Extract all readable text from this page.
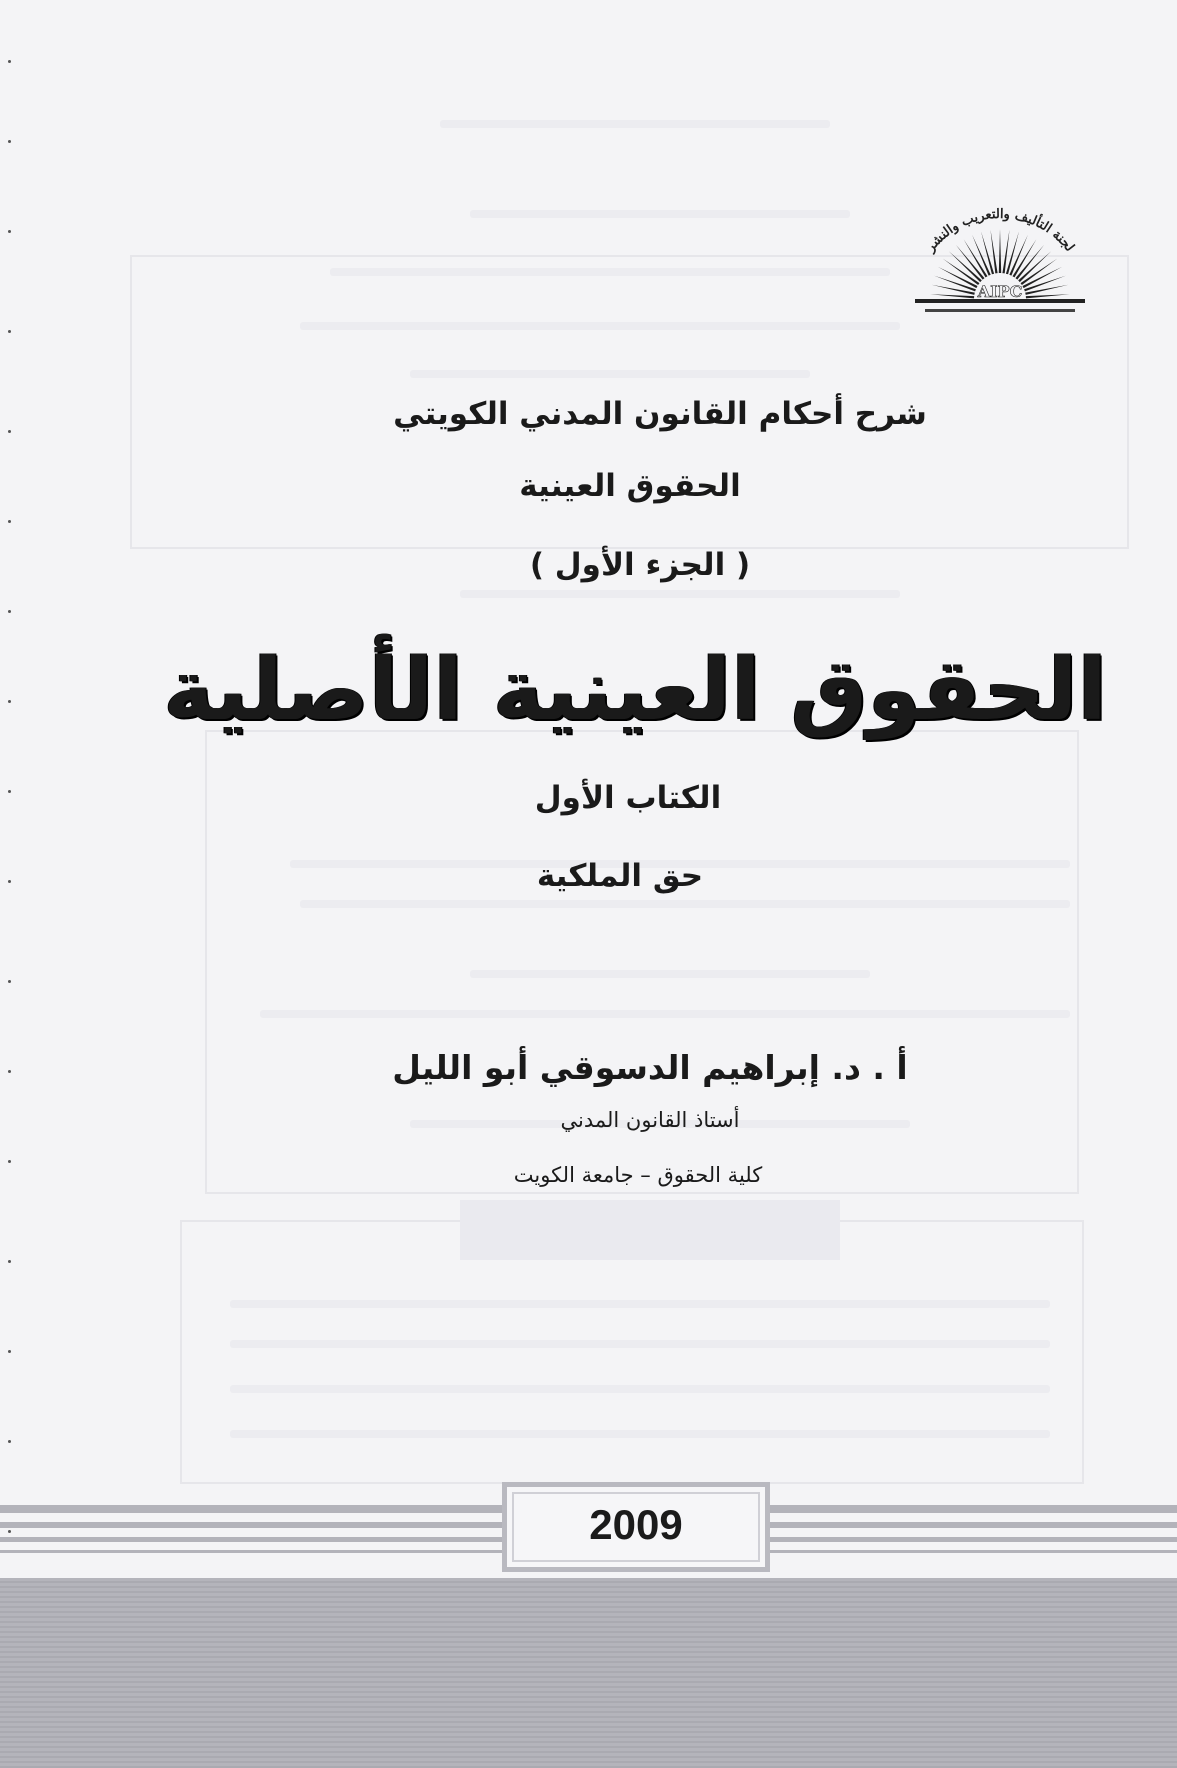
لجنة التأليف والتعريب والنشر
AIPC
شرح أحكام القانون المدني الكويتي
الحقوق العينية
( الجزء الأول )
الحقوق العينية الأصلية
الكتاب الأول
حق الملكية
أ . د. إبراهيم الدسوقي أبو الليل
أستاذ القانون المدني
كلية الحقوق – جامعة الكويت
2009
